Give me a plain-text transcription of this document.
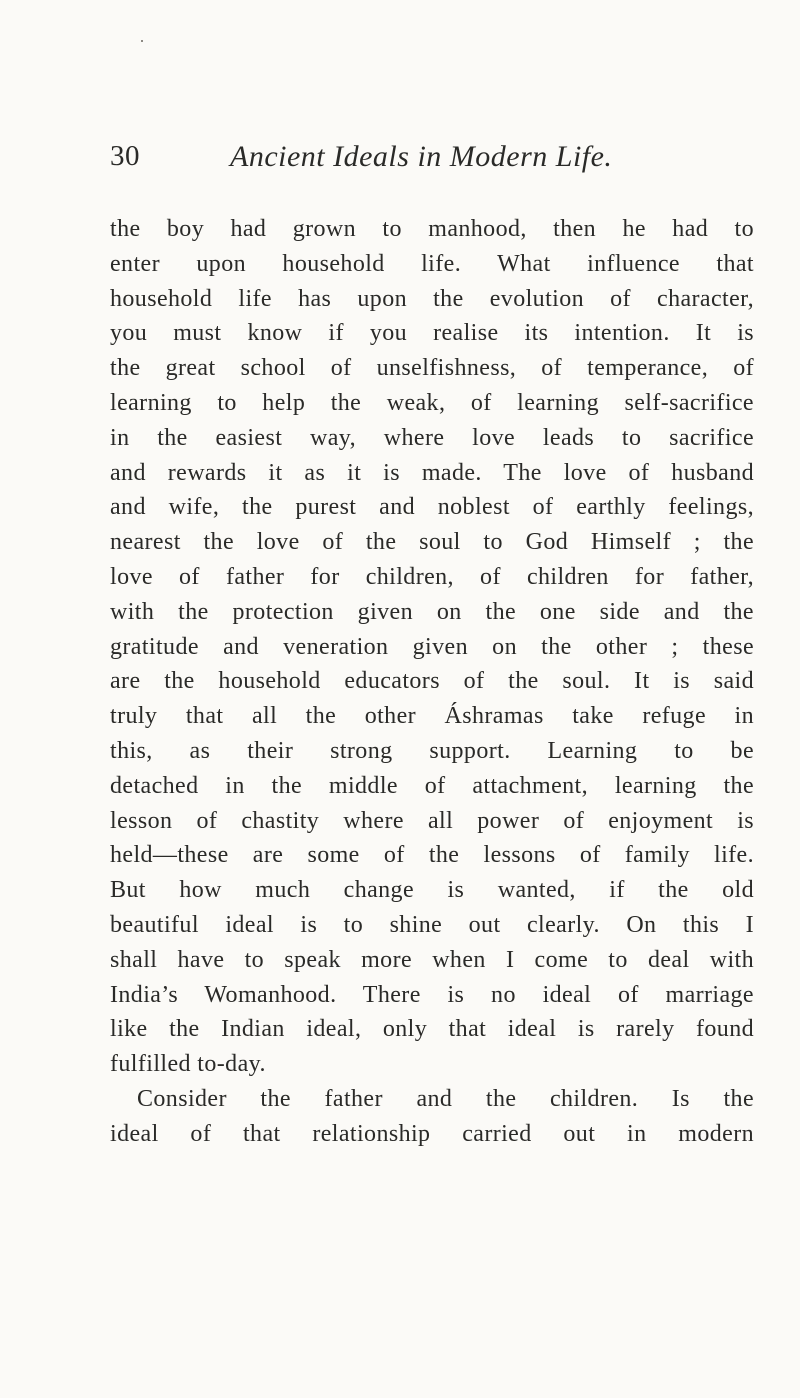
30	Ancient Ideals in Modern Life.
the boy had grown to manhood, then he had to
enter upon household life. What influence that
household life has upon the evolution of character,
you must know if you realise its intention. It is
the great school of unselfishness, of temperance, of
learning to help the weak, of learning self-sacrifice
in the easiest way, where love leads to sacrifice
and rewards it as it is made. The love of husband
and wife, the purest and noblest of earthly feelings,
nearest the love of the soul to God Himself ; the
love of father for children, of children for father,
with the protection given on the one side and the
gratitude and veneration given on the other ; these
are the household educators of the soul. It is said
truly that all the other Áshramas take refuge in
this, as their strong support. Learning to be
detached in the middle of attachment, learning the
lesson of chastity where all power of enjoyment is
held—these are some of the lessons of family life.
But how much change is wanted, if the old
beautiful ideal is to shine out clearly. On this I
shall have to speak more when I come to deal with
India’s Womanhood. There is no ideal of marriage
like the Indian ideal, only that ideal is rarely found
fulfilled to-day.
Consider the father and the children. Is the
ideal of that relationship carried out in modern
